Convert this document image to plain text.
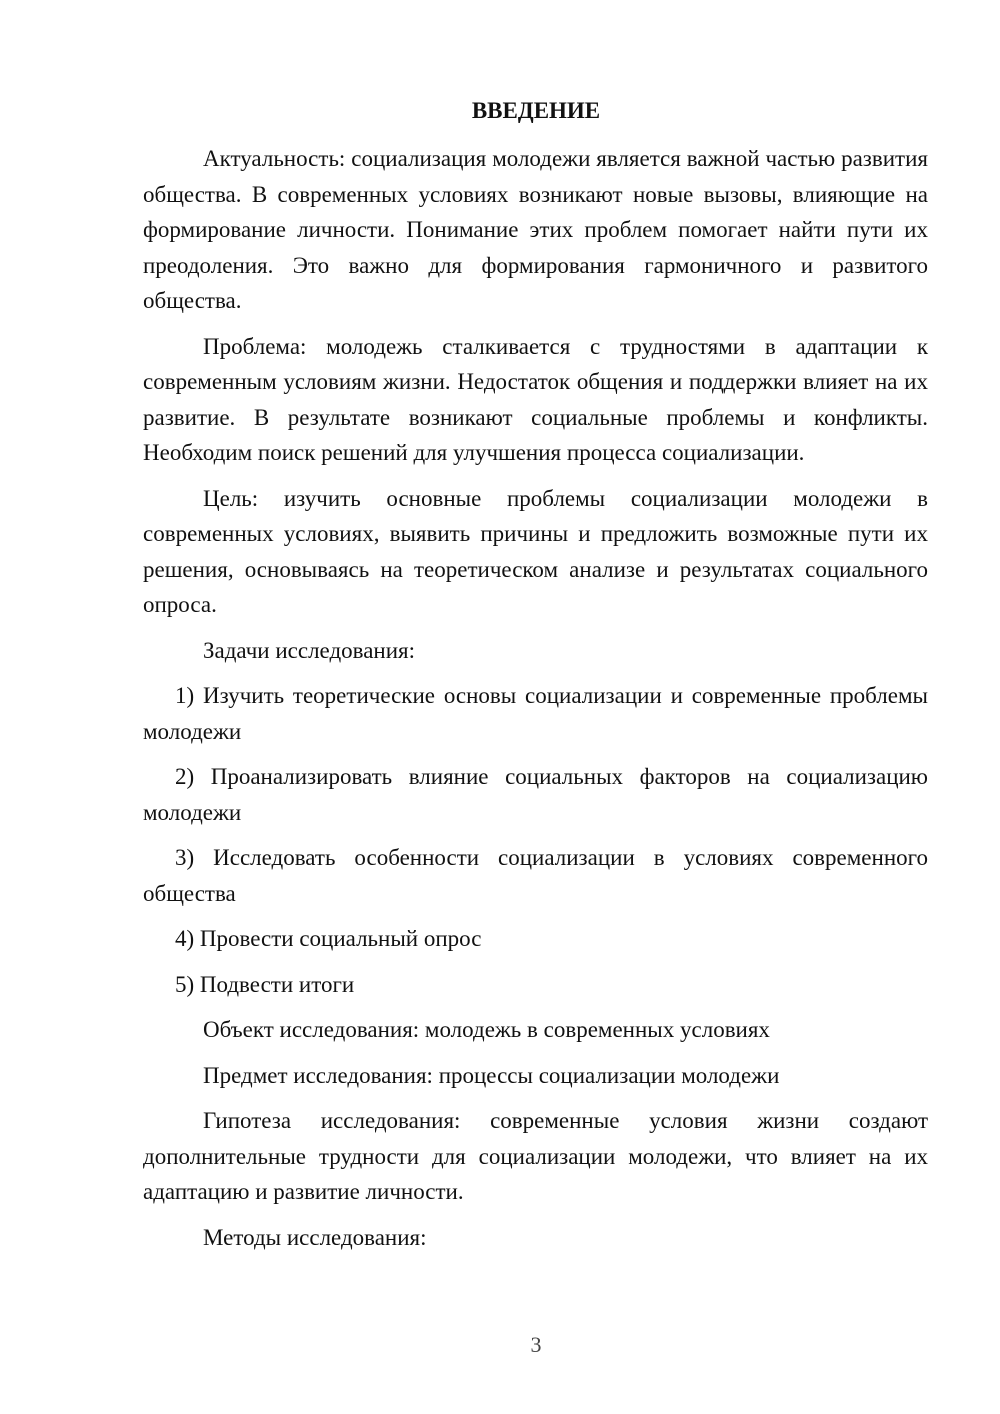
ВВЕДЕНИЕ

Актуальность: социализация молодежи является важной частью развития общества. В современных условиях возникают новые вызовы, влияющие на формирование личности. Понимание этих проблем помогает найти пути их преодоления. Это важно для формирования гармоничного и развитого общества.

Проблема: молодежь сталкивается с трудностями в адаптации к современным условиям жизни. Недостаток общения и поддержки влияет на их развитие. В результате возникают социальные проблемы и конфликты. Необходим поиск решений для улучшения процесса социализации.

Цель: изучить основные проблемы социализации молодежи в современных условиях, выявить причины и предложить возможные пути их решения, основываясь на теоретическом анализе и результатах социального опроса.

Задачи исследования:

1) Изучить теоретические основы социализации и современные проблемы молодежи

2) Проанализировать влияние социальных факторов на социализацию молодежи

3) Исследовать особенности социализации в условиях современного общества

4) Провести социальный опрос

5) Подвести итоги

Объект исследования: молодежь в современных условиях

Предмет исследования: процессы социализации молодежи

Гипотеза исследования: современные условия жизни создают дополнительные трудности для социализации молодежи, что влияет на их адаптацию и развитие личности.

Методы исследования:

3
